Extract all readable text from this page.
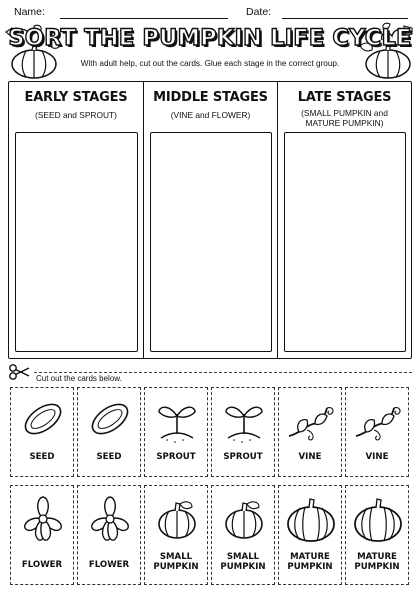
Name:	Date:
SORT THE PUMPKIN LIFE CYCLE
With adult help, cut out the cards. Glue each stage in the correct group.
EARLY STAGES
(SEED and SPROUT)
MIDDLE STAGES
(VINE and FLOWER)
LATE STAGES
(SMALL PUMPKIN and MATURE PUMPKIN)
Cut out the cards below.
SEED	SEED	SPROUT	SPROUT	VINE	VINE
FLOWER	FLOWER
SMALL PUMPKIN
SMALL PUMPKIN
MATURE PUMPKIN
MATURE PUMPKIN
